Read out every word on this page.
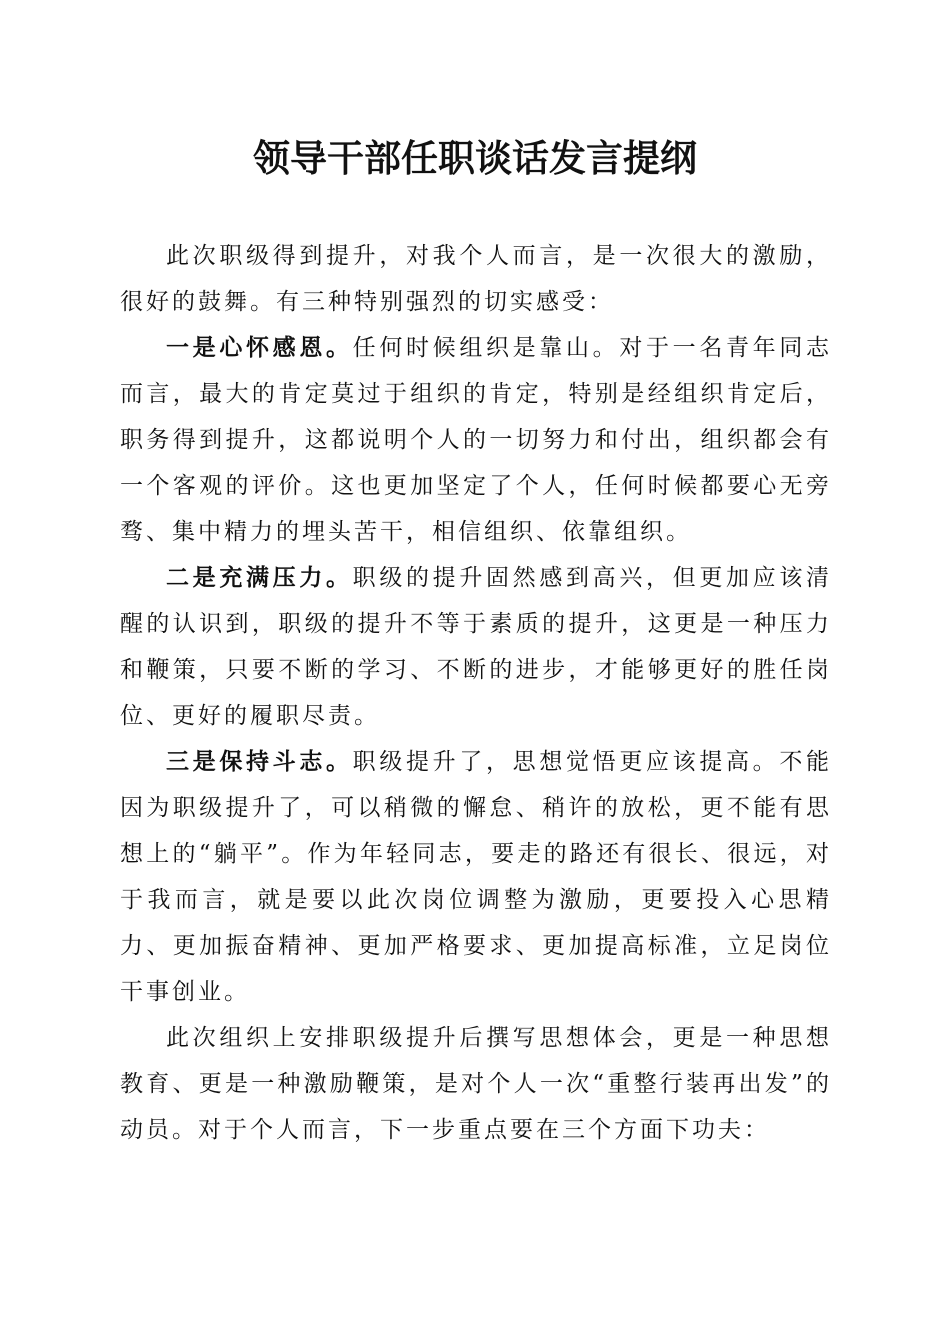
领导干部任职谈话发言提纲

此次职级得到提升，对我个人而言，是一次很大的激励，很好的鼓舞。有三种特别强烈的切实感受：

一是心怀感恩。任何时候组织是靠山。对于一名青年同志而言，最大的肯定莫过于组织的肯定，特别是经组织肯定后，职务得到提升，这都说明个人的一切努力和付出，组织都会有一个客观的评价。这也更加坚定了个人，任何时候都要心无旁骛、集中精力的埋头苦干，相信组织、依靠组织。

二是充满压力。职级的提升固然感到高兴，但更加应该清醒的认识到，职级的提升不等于素质的提升，这更是一种压力和鞭策，只要不断的学习、不断的进步，才能够更好的胜任岗位、更好的履职尽责。

三是保持斗志。职级提升了，思想觉悟更应该提高。不能因为职级提升了，可以稍微的懈怠、稍许的放松，更不能有思想上的“躺平”。作为年轻同志，要走的路还有很长、很远，对于我而言，就是要以此次岗位调整为激励，更要投入心思精力、更加振奋精神、更加严格要求、更加提高标准，立足岗位干事创业。

此次组织上安排职级提升后撰写思想体会，更是一种思想教育、更是一种激励鞭策，是对个人一次“重整行装再出发”的动员。对于个人而言，下一步重点要在三个方面下功夫：
